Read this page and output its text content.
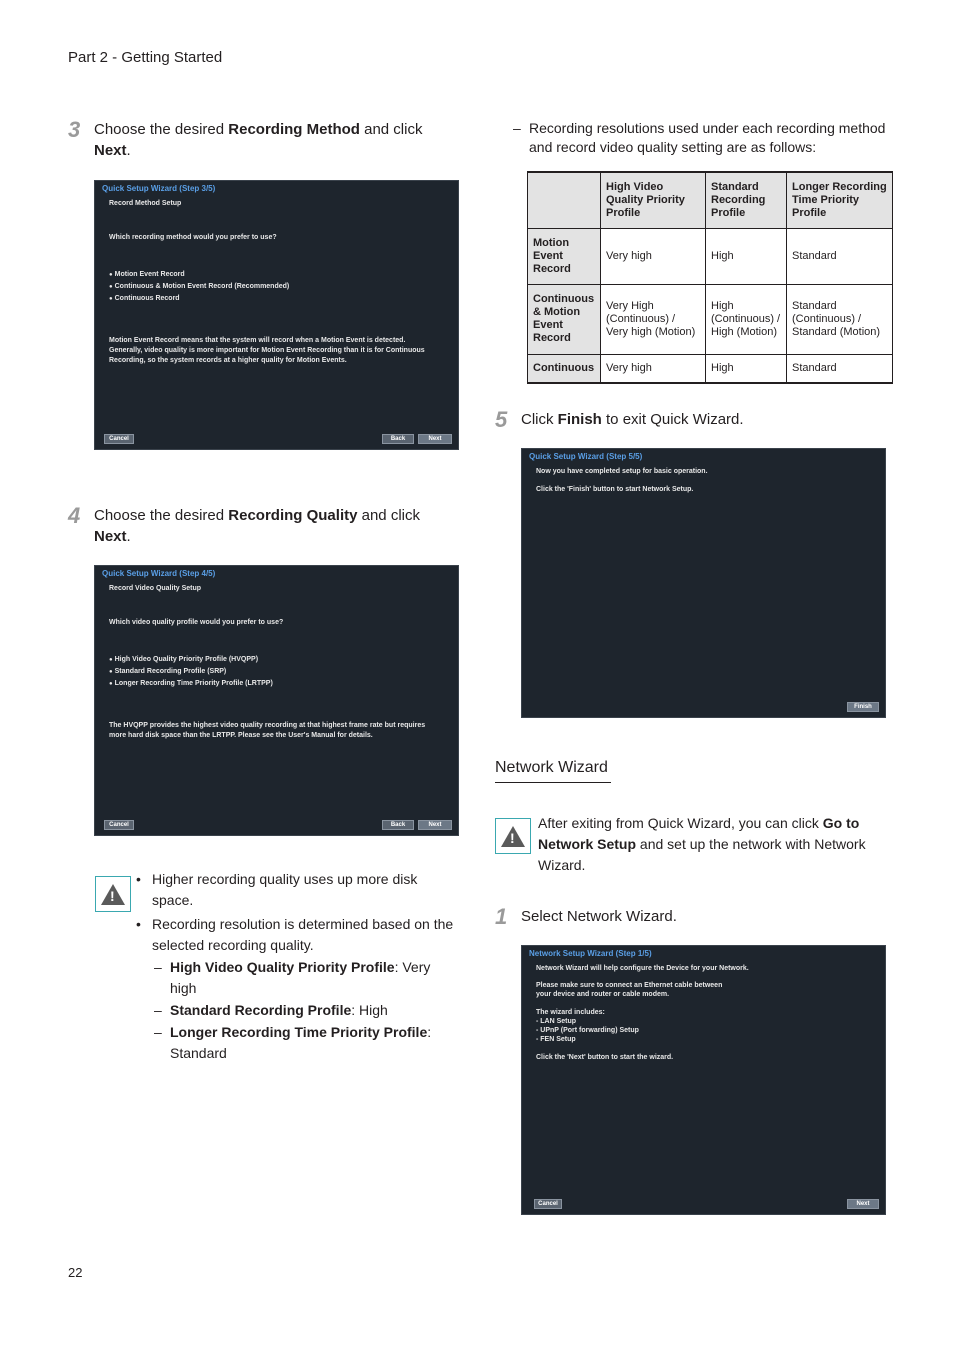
Part 2 - Getting Started
3 Choose the desired Recording Method and click Next.
Quick Setup Wizard (Step 3/5)
Record Method Setup
Which recording method would you prefer to use?
● Motion Event Record
● Continuous & Motion Event Record (Recommended)
● Continuous Record
Motion Event Record means that the system will record when a Motion Event is detected. Generally, video quality is more important for Motion Event Recording than it is for Continuous Recording, so the system records at a higher quality for Motion Events.
Cancel	Back	Next
4 Choose the desired Recording Quality and click Next.
Quick Setup Wizard (Step 4/5)
Record Video Quality Setup
Which video quality profile would you prefer to use?
● High Video Quality Priority Profile (HVQPP)
● Standard Recording Profile (SRP)
● Longer Recording Time Priority Profile (LRTPP)
The HVQPP provides the highest video quality recording at that highest frame rate but requires more hard disk space than the LRTPP. Please see the User's Manual for details.
Cancel	Back	Next
!
• Higher recording quality uses up more disk space.
• Recording resolution is determined based on the selected recording quality.
– High Video Quality Priority Profile: Very high
– Standard Recording Profile: High
– Longer Recording Time Priority Profile: Standard
– Recording resolutions used under each recording method and record video quality setting are as follows:
	High Video Quality Priority Profile	Standard Recording Profile	Longer Recording Time Priority Profile
Motion Event Record	Very high	High	Standard
Continuous & Motion Event Record	Very High (Continuous) / Very high (Motion)	High (Continuous) / High (Motion)	Standard (Continuous) / Standard (Motion)
Continuous	Very high	High	Standard
5 Click Finish to exit Quick Wizard.
Quick Setup Wizard (Step 5/5)
Now you have completed setup for basic operation.
Click the 'Finish' button to start Network Setup.
Finish
Network Wizard
!
After exiting from Quick Wizard, you can click Go to Network Setup and set up the network with Network Wizard.
1 Select Network Wizard.
Network Setup Wizard (Step 1/5)
Network Wizard will help configure the Device for your Network.
Please make sure to connect an Ethernet cable between
your device and router or cable modem.
The wizard includes:
- LAN Setup
- UPnP (Port forwarding) Setup
- FEN Setup
Click the 'Next' button to start the wizard.
Cancel	Next
22
